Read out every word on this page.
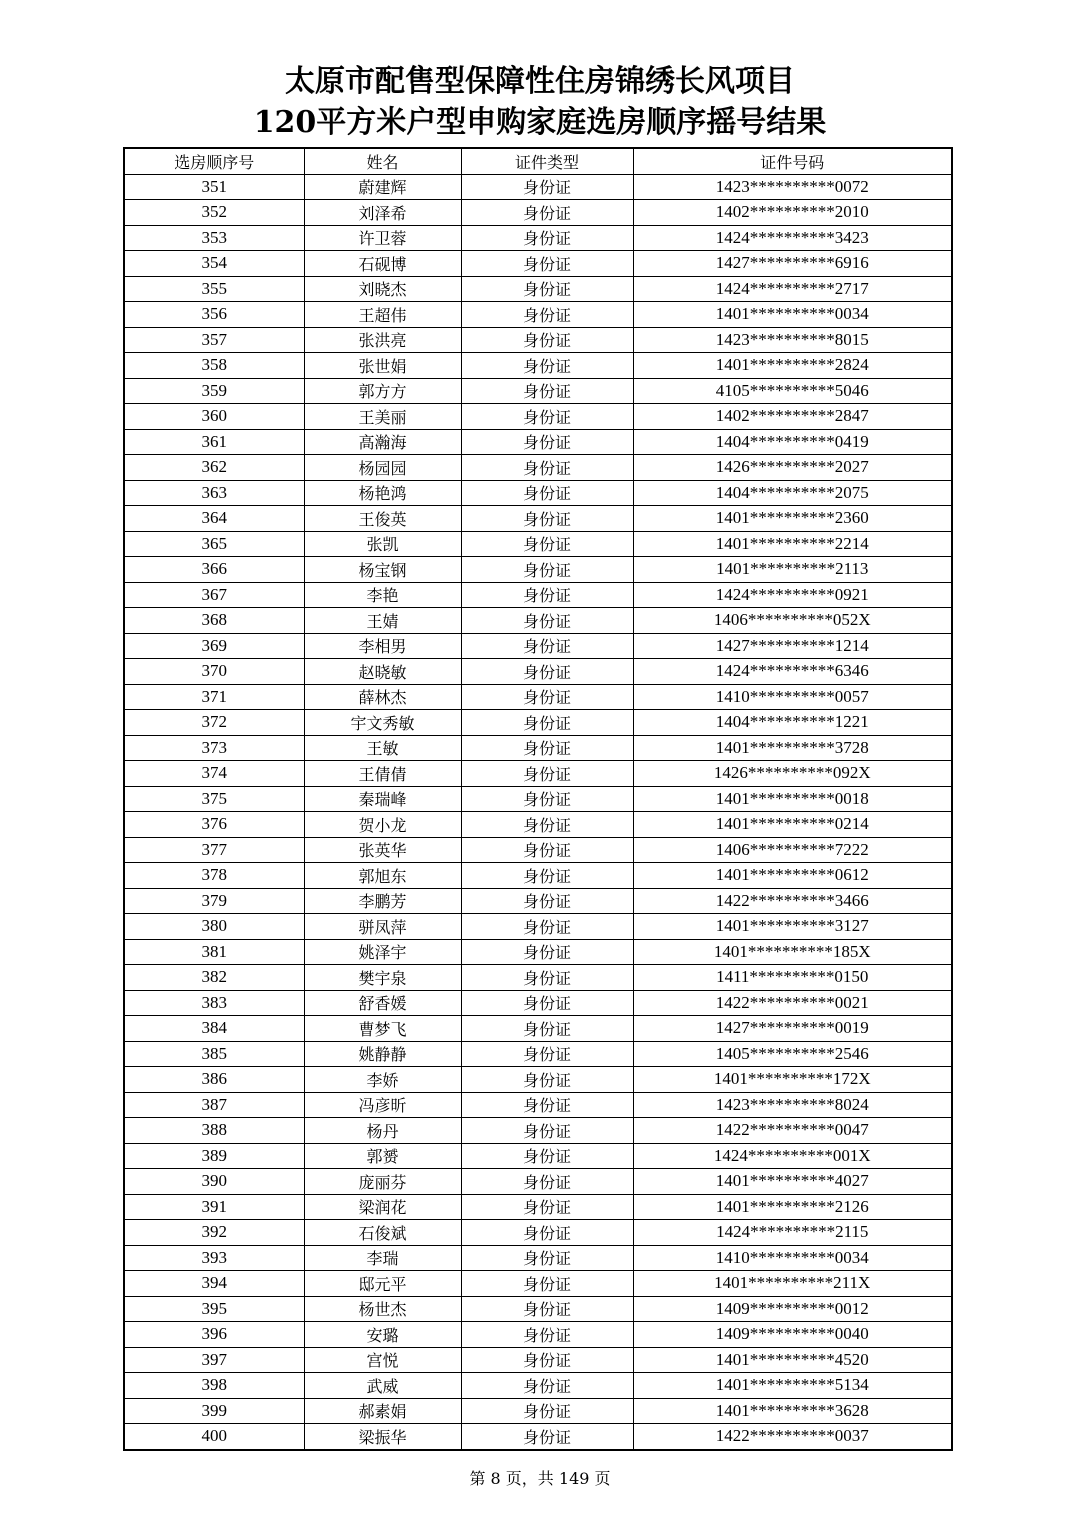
太原市配售型保障性住房锦绣长风项目
120平方米户型申购家庭选房顺序摇号结果
选房顺序号	姓名	证件类型	证件号码
351	蔚建辉	身份证	1423**********0072
352	刘泽希	身份证	1402**********2010
353	许卫蓉	身份证	1424**********3423
354	石砚博	身份证	1427**********6916
355	刘晓杰	身份证	1424**********2717
356	王超伟	身份证	1401**********0034
357	张洪亮	身份证	1423**********8015
358	张世娟	身份证	1401**********2824
359	郭方方	身份证	4105**********5046
360	王美丽	身份证	1402**********2847
361	高瀚海	身份证	1404**********0419
362	杨园园	身份证	1426**********2027
363	杨艳鸿	身份证	1404**********2075
364	王俊英	身份证	1401**********2360
365	张凯	身份证	1401**********2214
366	杨宝钢	身份证	1401**********2113
367	李艳	身份证	1424**********0921
368	王婧	身份证	1406**********052X
369	李相男	身份证	1427**********1214
370	赵晓敏	身份证	1424**********6346
371	薛林杰	身份证	1410**********0057
372	宇文秀敏	身份证	1404**********1221
373	王敏	身份证	1401**********3728
374	王倩倩	身份证	1426**********092X
375	秦瑞峰	身份证	1401**********0018
376	贺小龙	身份证	1401**********0214
377	张英华	身份证	1406**********7222
378	郭旭东	身份证	1401**********0612
379	李鹏芳	身份证	1422**********3466
380	骈凤萍	身份证	1401**********3127
381	姚泽宇	身份证	1401**********185X
382	樊宇泉	身份证	1411**********0150
383	舒香媛	身份证	1422**********0021
384	曹梦飞	身份证	1427**********0019
385	姚静静	身份证	1405**********2546
386	李娇	身份证	1401**********172X
387	冯彦昕	身份证	1423**********8024
388	杨丹	身份证	1422**********0047
389	郭赟	身份证	1424**********001X
390	庞丽芬	身份证	1401**********4027
391	梁润花	身份证	1401**********2126
392	石俊斌	身份证	1424**********2115
393	李瑞	身份证	1410**********0034
394	邸元平	身份证	1401**********211X
395	杨世杰	身份证	1409**********0012
396	安璐	身份证	1409**********0040
397	宫悦	身份证	1401**********4520
398	武威	身份证	1401**********5134
399	郝素娟	身份证	1401**********3628
400	梁振华	身份证	1422**********0037
第 8 页，共 149 页
